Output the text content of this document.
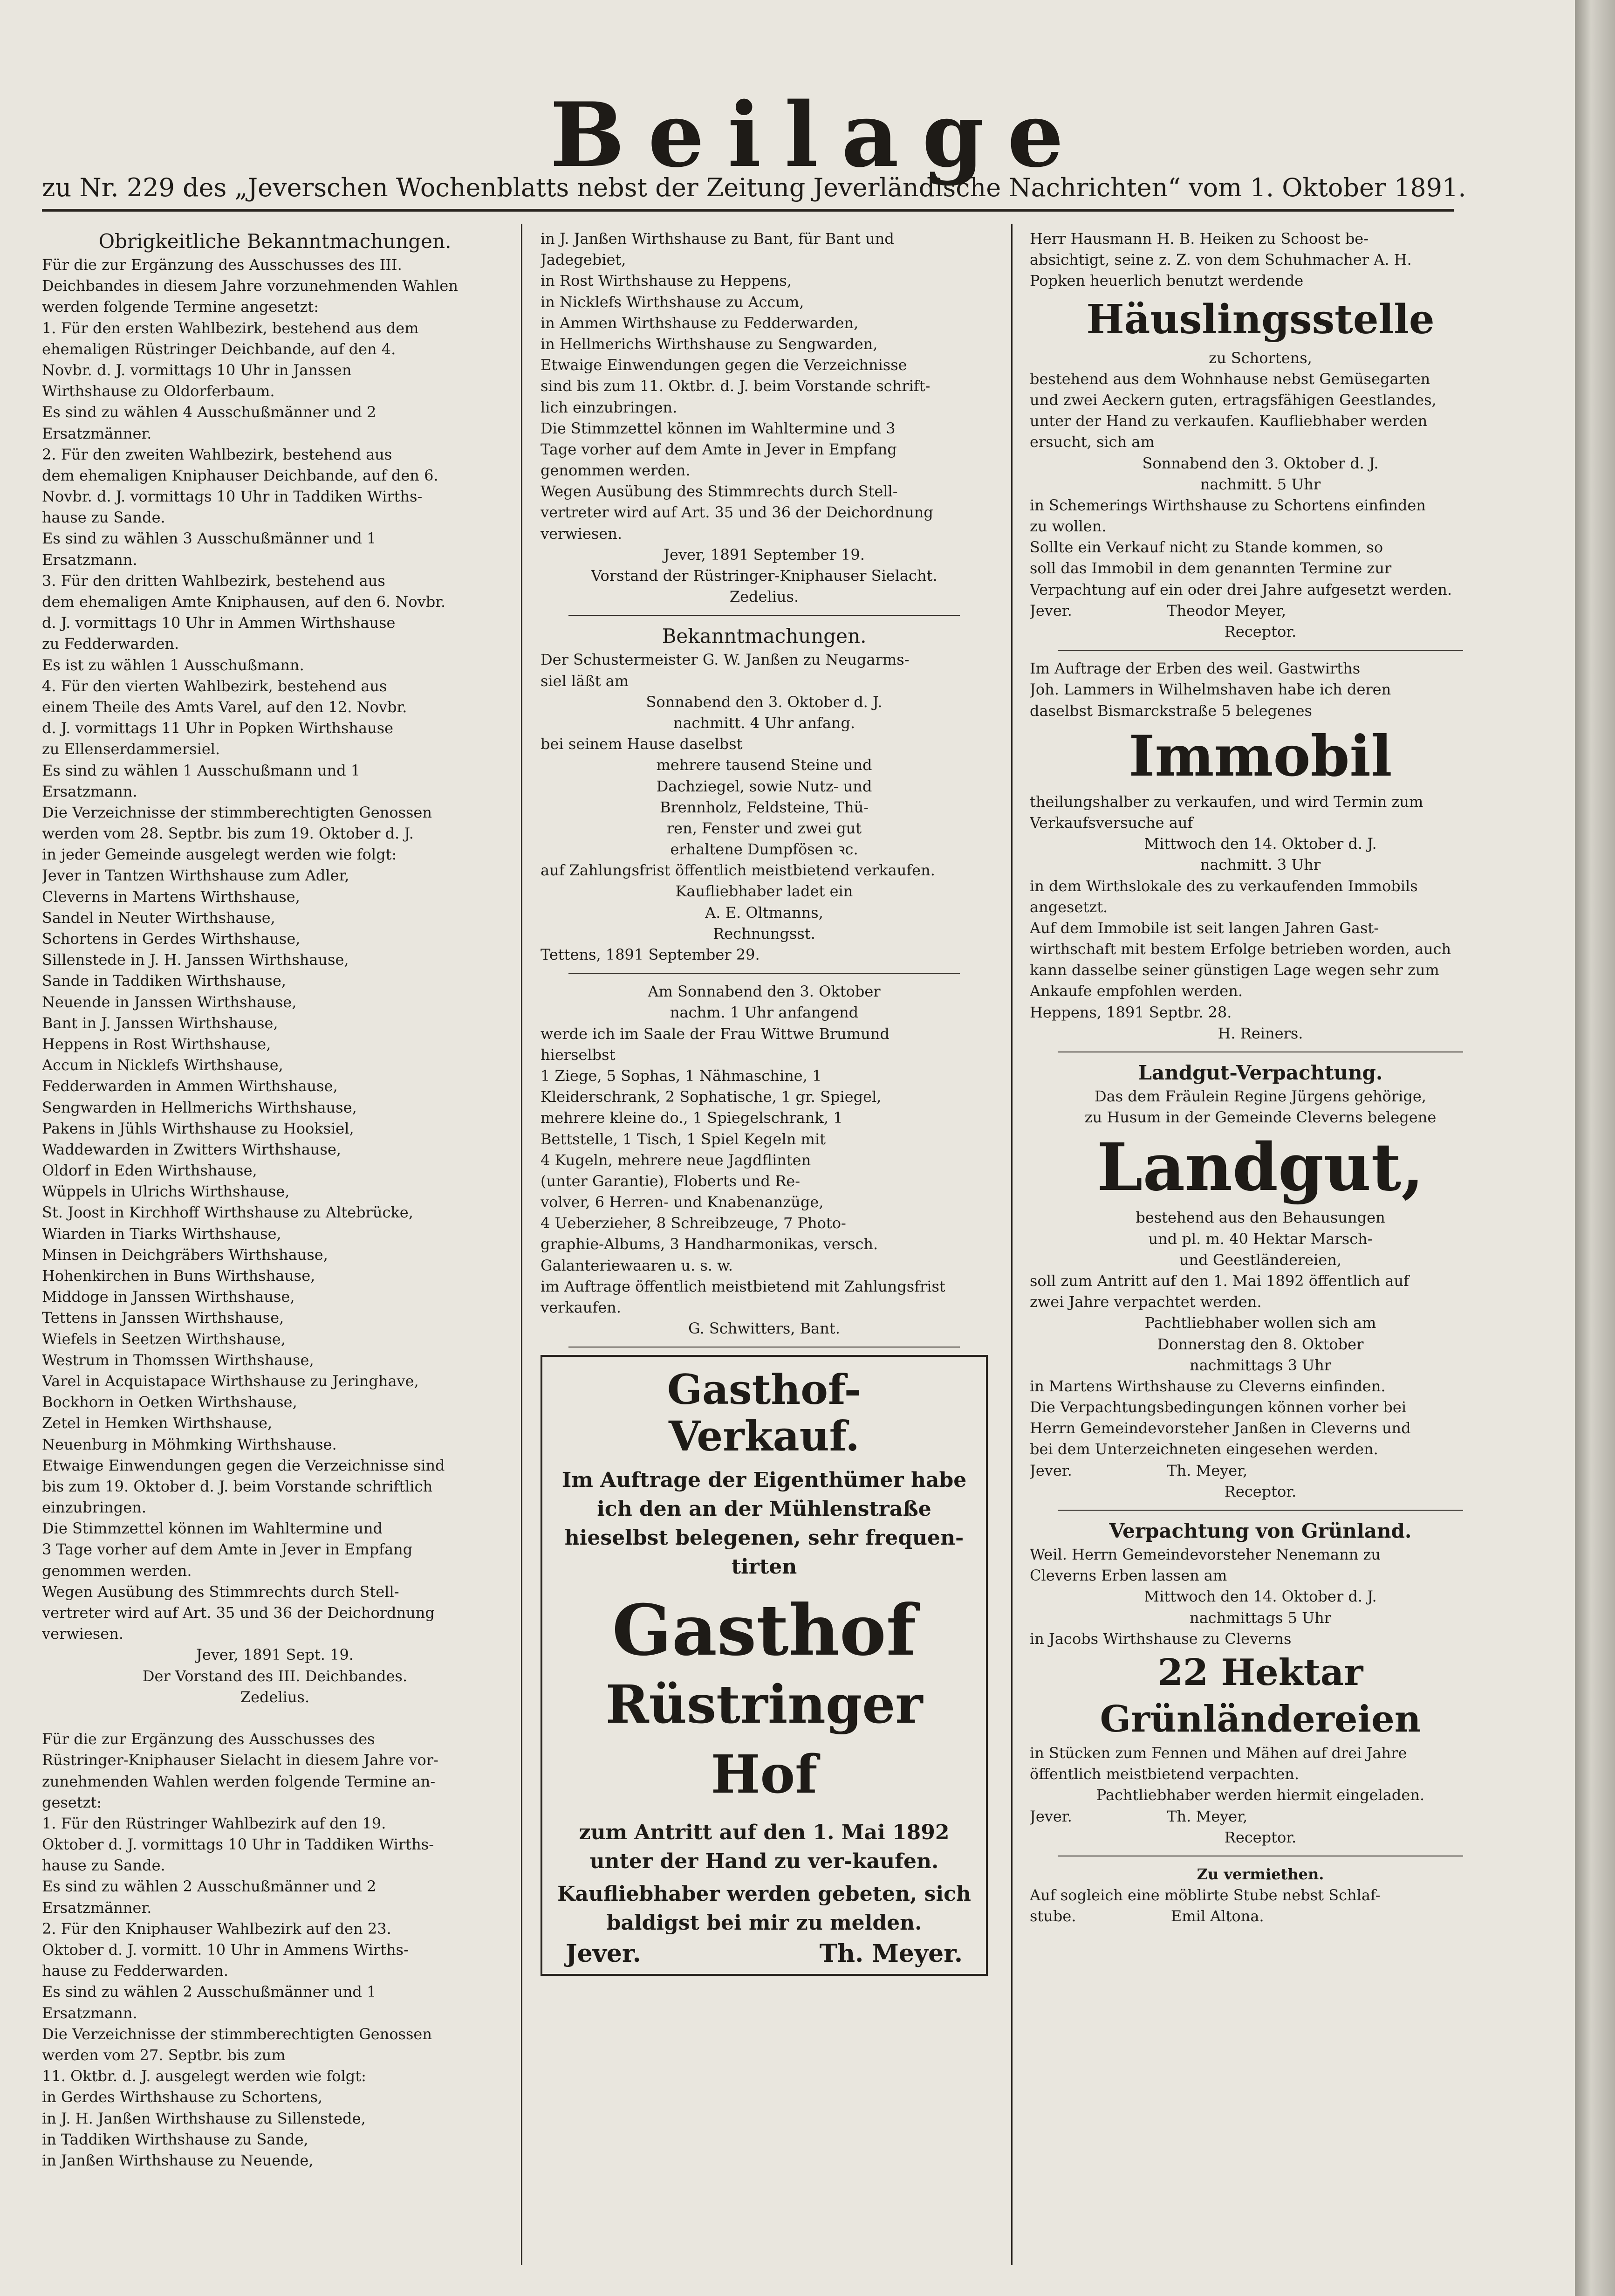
Beilage
zu Nr. 229 des „Jeverschen Wochenblatts nebst der Zeitung Jeverländische Nachrichten“ vom 1. Oktober 1891.
Obrigkeitliche Bekanntmachungen.
Für die zur Ergänzung des Ausschusses des III.
Deichbandes in diesem Jahre vorzunehmenden Wahlen
werden folgende Termine angesetzt:
1. Für den ersten Wahlbezirk, bestehend aus dem
ehemaligen Rüstringer Deichbande, auf den 4.
Novbr. d. J. vormittags 10 Uhr in Janssen
Wirthshause zu Oldorferbaum.
Es sind zu wählen 4 Ausschußmänner und 2
Ersatzmänner.
2. Für den zweiten Wahlbezirk, bestehend aus
dem ehemaligen Kniphauser Deichbande, auf den 6.
Novbr. d. J. vormittags 10 Uhr in Taddiken Wirths-
hause zu Sande.
Es sind zu wählen 3 Ausschußmänner und 1
Ersatzmann.
3. Für den dritten Wahlbezirk, bestehend aus
dem ehemaligen Amte Kniphausen, auf den 6. Novbr.
d. J. vormittags 10 Uhr in Ammen Wirthshause
zu Fedderwarden.
Es ist zu wählen 1 Ausschußmann.
4. Für den vierten Wahlbezirk, bestehend aus
einem Theile des Amts Varel, auf den 12. Novbr.
d. J. vormittags 11 Uhr in Popken Wirthshause
zu Ellenserdammersiel.
Es sind zu wählen 1 Ausschußmann und 1
Ersatzmann.
Die Verzeichnisse der stimmberechtigten Genossen
werden vom 28. Septbr. bis zum 19. Oktober d. J.
in jeder Gemeinde ausgelegt werden wie folgt:
Jever in Tantzen Wirthshause zum Adler,
Cleverns in Martens Wirthshause,
Sandel in Neuter Wirthshause,
Schortens in Gerdes Wirthshause,
Sillenstede in J. H. Janssen Wirthshause,
Sande in Taddiken Wirthshause,
Neuende in Janssen Wirthshause,
Bant in J. Janssen Wirthshause,
Heppens in Rost Wirthshause,
Accum in Nicklefs Wirthshause,
Fedderwarden in Ammen Wirthshause,
Sengwarden in Hellmerichs Wirthshause,
Pakens in Jühls Wirthshause zu Hooksiel,
Waddewarden in Zwitters Wirthshause,
Oldorf in Eden Wirthshause,
Wüppels in Ulrichs Wirthshause,
St. Joost in Kirchhoff Wirthshause zu Altebrücke,
Wiarden in Tiarks Wirthshause,
Minsen in Deichgräbers Wirthshause,
Hohenkirchen in Buns Wirthshause,
Middoge in Janssen Wirthshause,
Tettens in Janssen Wirthshause,
Wiefels in Seetzen Wirthshause,
Westrum in Thomssen Wirthshause,
Varel in Acquistapace Wirthshause zu Jeringhave,
Bockhorn in Oetken Wirthshause,
Zetel in Hemken Wirthshause,
Neuenburg in Möhmking Wirthshause.
Etwaige Einwendungen gegen die Verzeichnisse sind
bis zum 19. Oktober d. J. beim Vorstande schriftlich
einzubringen.
Die Stimmzettel können im Wahltermine und
3 Tage vorher auf dem Amte in Jever in Empfang
genommen werden.
Wegen Ausübung des Stimmrechts durch Stell-
vertreter wird auf Art. 35 und 36 der Deichordnung
verwiesen.
Jever, 1891 Sept. 19.
Der Vorstand des III. Deichbandes.
Zedelius.
Für die zur Ergänzung des Ausschusses des
Rüstringer-Kniphauser Sielacht in diesem Jahre vor-
zunehmenden Wahlen werden folgende Termine an-
gesetzt:
1. Für den Rüstringer Wahlbezirk auf den 19.
Oktober d. J. vormittags 10 Uhr in Taddiken Wirths-
hause zu Sande.
Es sind zu wählen 2 Ausschußmänner und 2
Ersatzmänner.
2. Für den Kniphauser Wahlbezirk auf den 23.
Oktober d. J. vormitt. 10 Uhr in Ammens Wirths-
hause zu Fedderwarden.
Es sind zu wählen 2 Ausschußmänner und 1
Ersatzmann.
Die Verzeichnisse der stimmberechtigten Genossen
werden vom 27. Septbr. bis zum
11. Oktbr. d. J. ausgelegt werden wie folgt:
in Gerdes Wirthshause zu Schortens,
in J. H. Janßen Wirthshause zu Sillenstede,
in Taddiken Wirthshause zu Sande,
in Janßen Wirthshause zu Neuende,
in J. Janßen Wirthshause zu Bant, für Bant und
Jadegebiet,
in Rost Wirthshause zu Heppens,
in Nicklefs Wirthshause zu Accum,
in Ammen Wirthshause zu Fedderwarden,
in Hellmerichs Wirthshause zu Sengwarden,
Etwaige Einwendungen gegen die Verzeichnisse
sind bis zum 11. Oktbr. d. J. beim Vorstande schrift-
lich einzubringen.
Die Stimmzettel können im Wahltermine und 3
Tage vorher auf dem Amte in Jever in Empfang
genommen werden.
Wegen Ausübung des Stimmrechts durch Stell-
vertreter wird auf Art. 35 und 36 der Deichordnung
verwiesen.
Jever, 1891 September 19.
Vorstand der Rüstringer-Kniphauser Sielacht.
Zedelius.
Bekanntmachungen.
Der Schustermeister G. W. Janßen zu Neugarms-
siel läßt am
Sonnabend den 3. Oktober d. J.
nachmitt. 4 Uhr anfang.
bei seinem Hause daselbst
mehrere tausend Steine und
Dachziegel, sowie Nutz- und
Brennholz, Feldsteine, Thü-
ren, Fenster und zwei gut
erhaltene Dumpfösen ꝛc.
auf Zahlungsfrist öffentlich meistbietend verkaufen.
Kaufliebhaber ladet ein
A. E. Oltmanns,
Rechnungsst.
Tettens, 1891 September 29.
Am Sonnabend den 3. Oktober
nachm. 1 Uhr anfangend
werde ich im Saale der Frau Wittwe Brumund
hierselbst
1 Ziege, 5 Sophas, 1 Nähmaschine, 1
Kleiderschrank, 2 Sophatische, 1 gr. Spiegel,
mehrere kleine do., 1 Spiegelschrank, 1
Bettstelle, 1 Tisch, 1 Spiel Kegeln mit
4 Kugeln, mehrere neue Jagdflinten
(unter Garantie), Floberts und Re-
volver, 6 Herren- und Knabenanzüge,
4 Ueberzieher, 8 Schreibzeuge, 7 Photo-
graphie-Albums, 3 Handharmonikas, versch.
Galanteriewaaren u. s. w.
im Auftrage öffentlich meistbietend mit Zahlungsfrist
verkaufen.
G. Schwitters, Bant.
Gasthof-
Verkauf.
Im Auftrage der Eigenthümer habe ich den an der Mühlenstraße hieselbst belegenen, sehr frequen-tirten
Gasthof
Rüstringer Hof
zum Antritt auf den 1. Mai 1892 unter der Hand zu ver-kaufen.
Kaufliebhaber werden gebeten, sich baldigst bei mir zu melden.
Jever.	Th. Meyer.
Herr Hausmann H. B. Heiken zu Schoost be-
absichtigt, seine z. Z. von dem Schuhmacher A. H.
Popken heuerlich benutzt werdende
Häuslingsstelle
zu Schortens,
bestehend aus dem Wohnhause nebst Gemüsegarten
und zwei Aeckern guten, ertragsfähigen Geestlandes,
unter der Hand zu verkaufen. Kaufliebhaber werden
ersucht, sich am
Sonnabend den 3. Oktober d. J.
nachmitt. 5 Uhr
in Schemerings Wirthshause zu Schortens einfinden
zu wollen.
Sollte ein Verkauf nicht zu Stande kommen, so
soll das Immobil in dem genannten Termine zur
Verpachtung auf ein oder drei Jahre aufgesetzt werden.
Jever.                    Theodor Meyer,
Receptor.
Im Auftrage der Erben des weil. Gastwirths
Joh. Lammers in Wilhelmshaven habe ich deren
daselbst Bismarckstraße 5 belegenes
Immobil
theilungshalber zu verkaufen, und wird Termin zum
Verkaufsversuche auf
Mittwoch den 14. Oktober d. J.
nachmitt. 3 Uhr
in dem Wirthslokale des zu verkaufenden Immobils
angesetzt.
Auf dem Immobile ist seit langen Jahren Gast-
wirthschaft mit bestem Erfolge betrieben worden, auch
kann dasselbe seiner günstigen Lage wegen sehr zum
Ankaufe empfohlen werden.
Heppens, 1891 Septbr. 28.
H. Reiners.
Landgut-Verpachtung.
Das dem Fräulein Regine Jürgens gehörige,
zu Husum in der Gemeinde Cleverns belegene
Landgut,
bestehend aus den Behausungen
und pl. m. 40 Hektar Marsch-
und Geestländereien,
soll zum Antritt auf den 1. Mai 1892 öffentlich auf
zwei Jahre verpachtet werden.
Pachtliebhaber wollen sich am
Donnerstag den 8. Oktober
nachmittags 3 Uhr
in Martens Wirthshause zu Cleverns einfinden.
Die Verpachtungsbedingungen können vorher bei
Herrn Gemeindevorsteher Janßen in Cleverns und
bei dem Unterzeichneten eingesehen werden.
Jever.                    Th. Meyer,
Receptor.
Verpachtung von Grünland.
Weil. Herrn Gemeindevorsteher Nenemann zu
Cleverns Erben lassen am
Mittwoch den 14. Oktober d. J.
nachmittags 5 Uhr
in Jacobs Wirthshause zu Cleverns
22 Hektar
Grünländereien
in Stücken zum Fennen und Mähen auf drei Jahre
öffentlich meistbietend verpachten.
Pachtliebhaber werden hiermit eingeladen.
Jever.                    Th. Meyer,
Receptor.
Zu vermiethen.
Auf sogleich eine möblirte Stube nebst Schlaf-
stube.                    Emil Altona.
